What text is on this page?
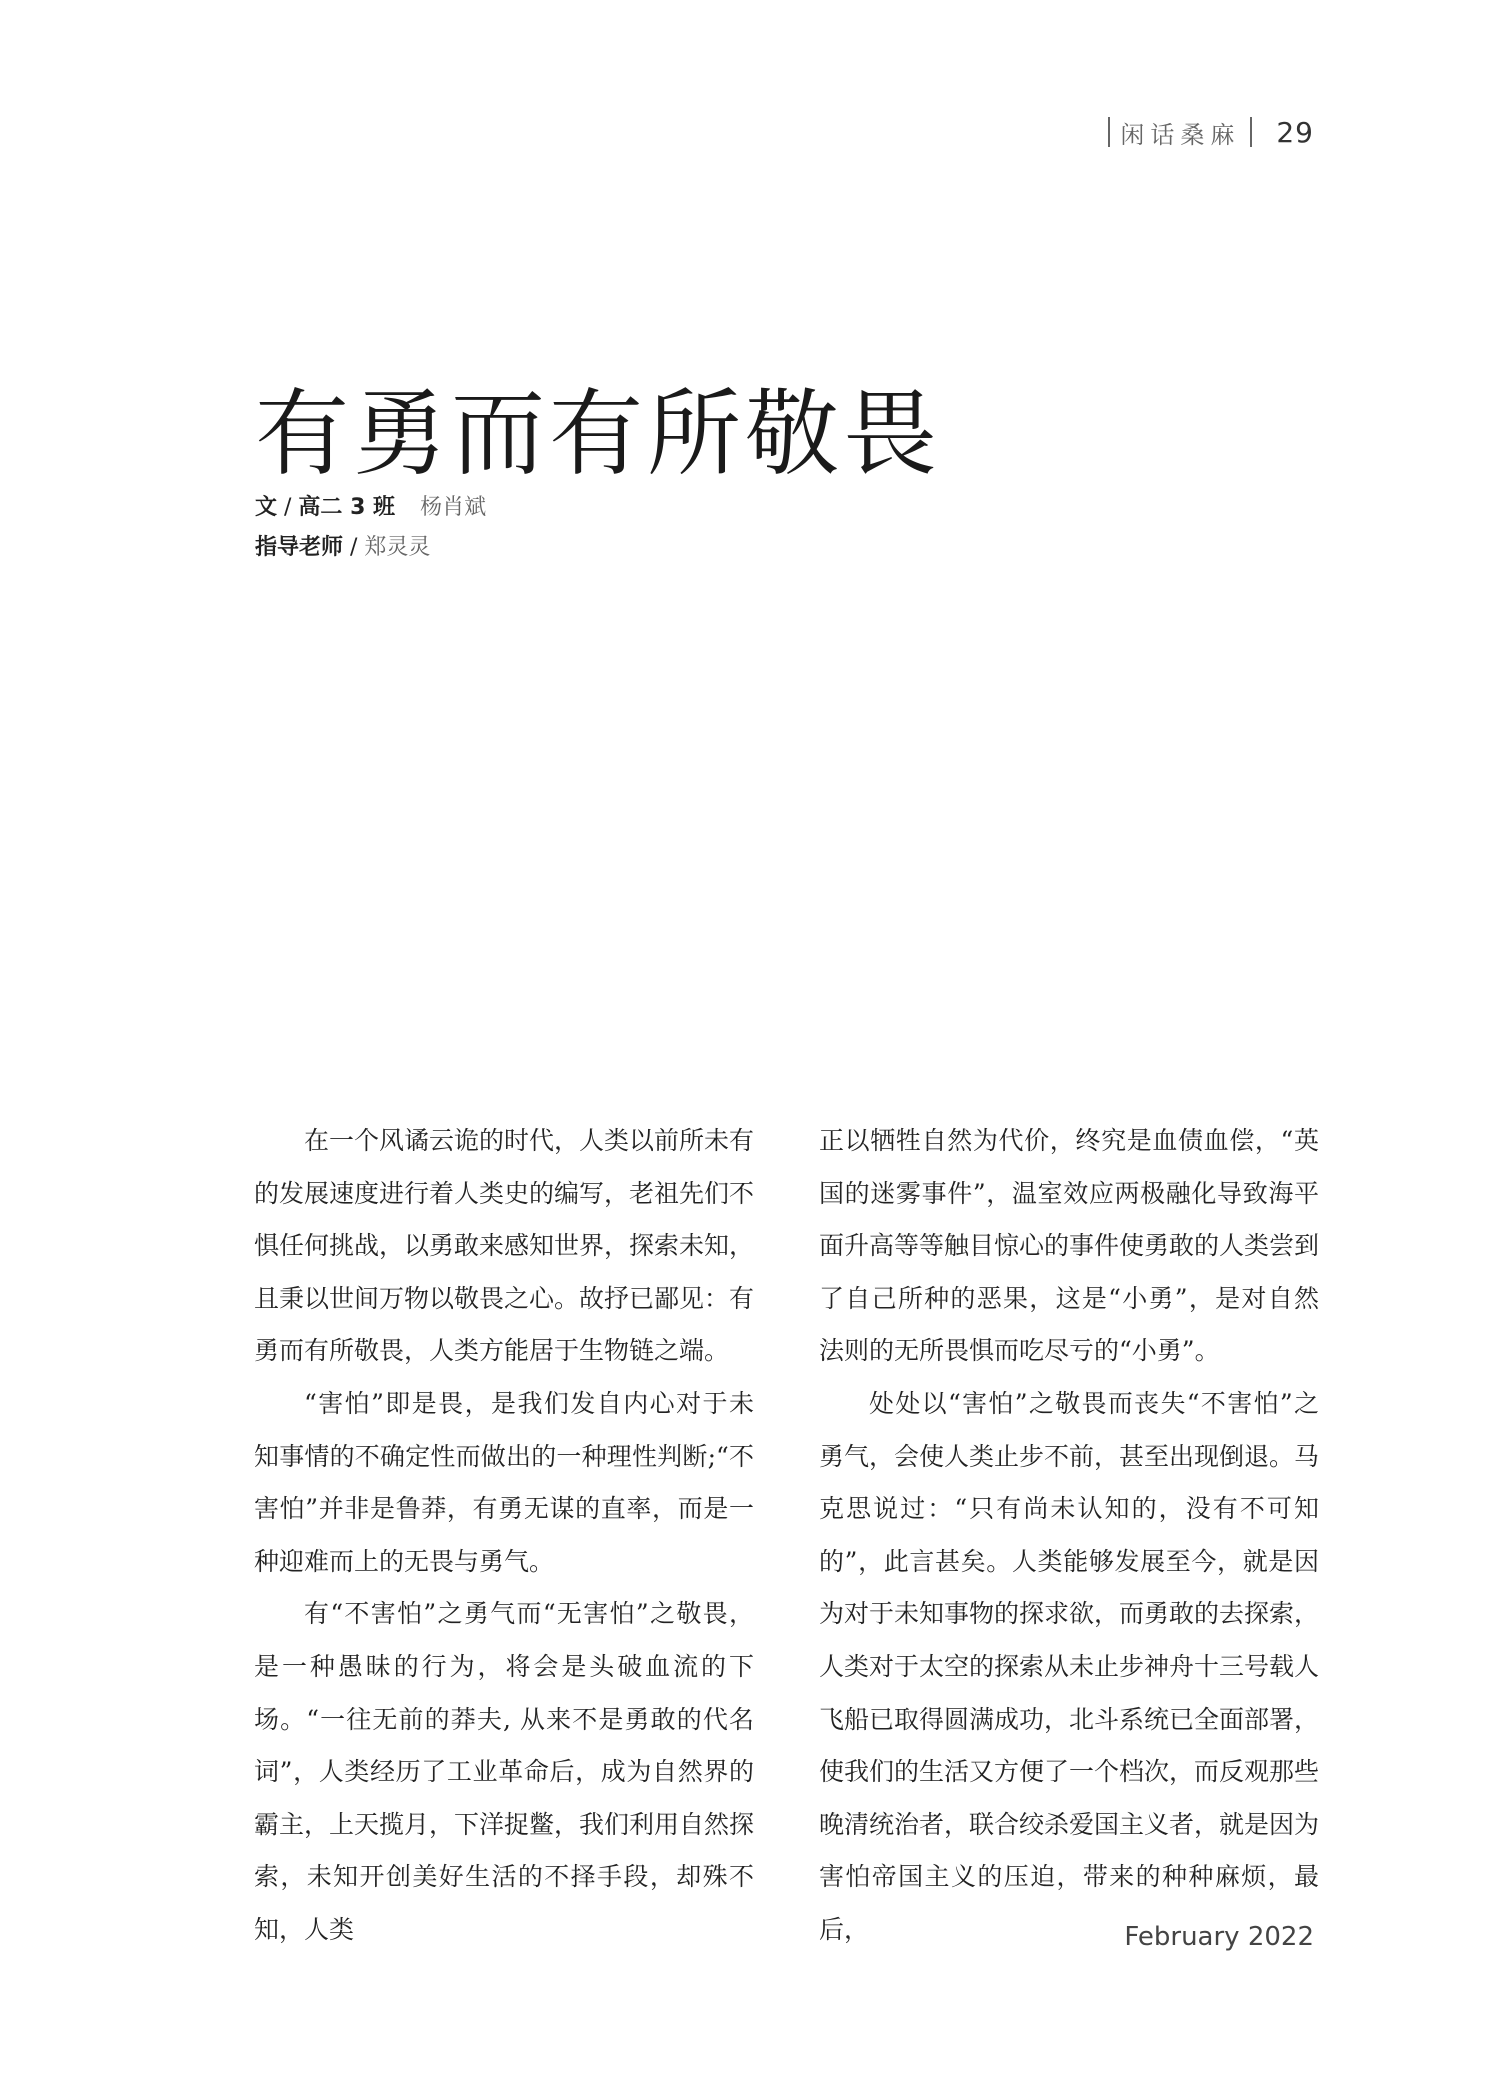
闲话桑麻 29
有勇而有所敬畏
文 / 高二 3 班 杨肖斌
指导老师 / 郑灵灵

在一个风谲云诡的时代，人类以前所未有的发展速度进行着人类史的编写，老祖先们不惧任何挑战，以勇敢来感知世界，探索未知，且秉以世间万物以敬畏之心。故抒已鄙见：有勇而有所敬畏，人类方能居于生物链之端。

“害怕”即是畏，是我们发自内心对于未知事情的不确定性而做出的一种理性判断;“不害怕”并非是鲁莽，有勇无谋的直率，而是一种迎难而上的无畏与勇气。

有“不害怕”之勇气而“无害怕”之敬畏，是一种愚昧的行为，将会是头破血流的下场。“一往无前的莽夫, 从来不是勇敢的代名词”，人类经历了工业革命后，成为自然界的霸主，上天揽月，下洋捉鳖，我们利用自然探索，未知开创美好生活的不择手段，却殊不知，人类

正以牺牲自然为代价，终究是血债血偿，“英国的迷雾事件”，温室效应两极融化导致海平面升高等等触目惊心的事件使勇敢的人类尝到了自己所种的恶果，这是“小勇”，是对自然法则的无所畏惧而吃尽亏的“小勇”。

处处以“害怕”之敬畏而丧失“不害怕”之勇气，会使人类止步不前，甚至出现倒退。马克思说过：“只有尚未认知的，没有不可知的”，此言甚矣。人类能够发展至今，就是因为对于未知事物的探求欲，而勇敢的去探索，人类对于太空的探索从未止步神舟十三号载人飞船已取得圆满成功，北斗系统已全面部署，使我们的生活又方便了一个档次，而反观那些晚清统治者，联合绞杀爱国主义者，就是因为害怕帝国主义的压迫，带来的种种麻烦，最后，	February 2022
